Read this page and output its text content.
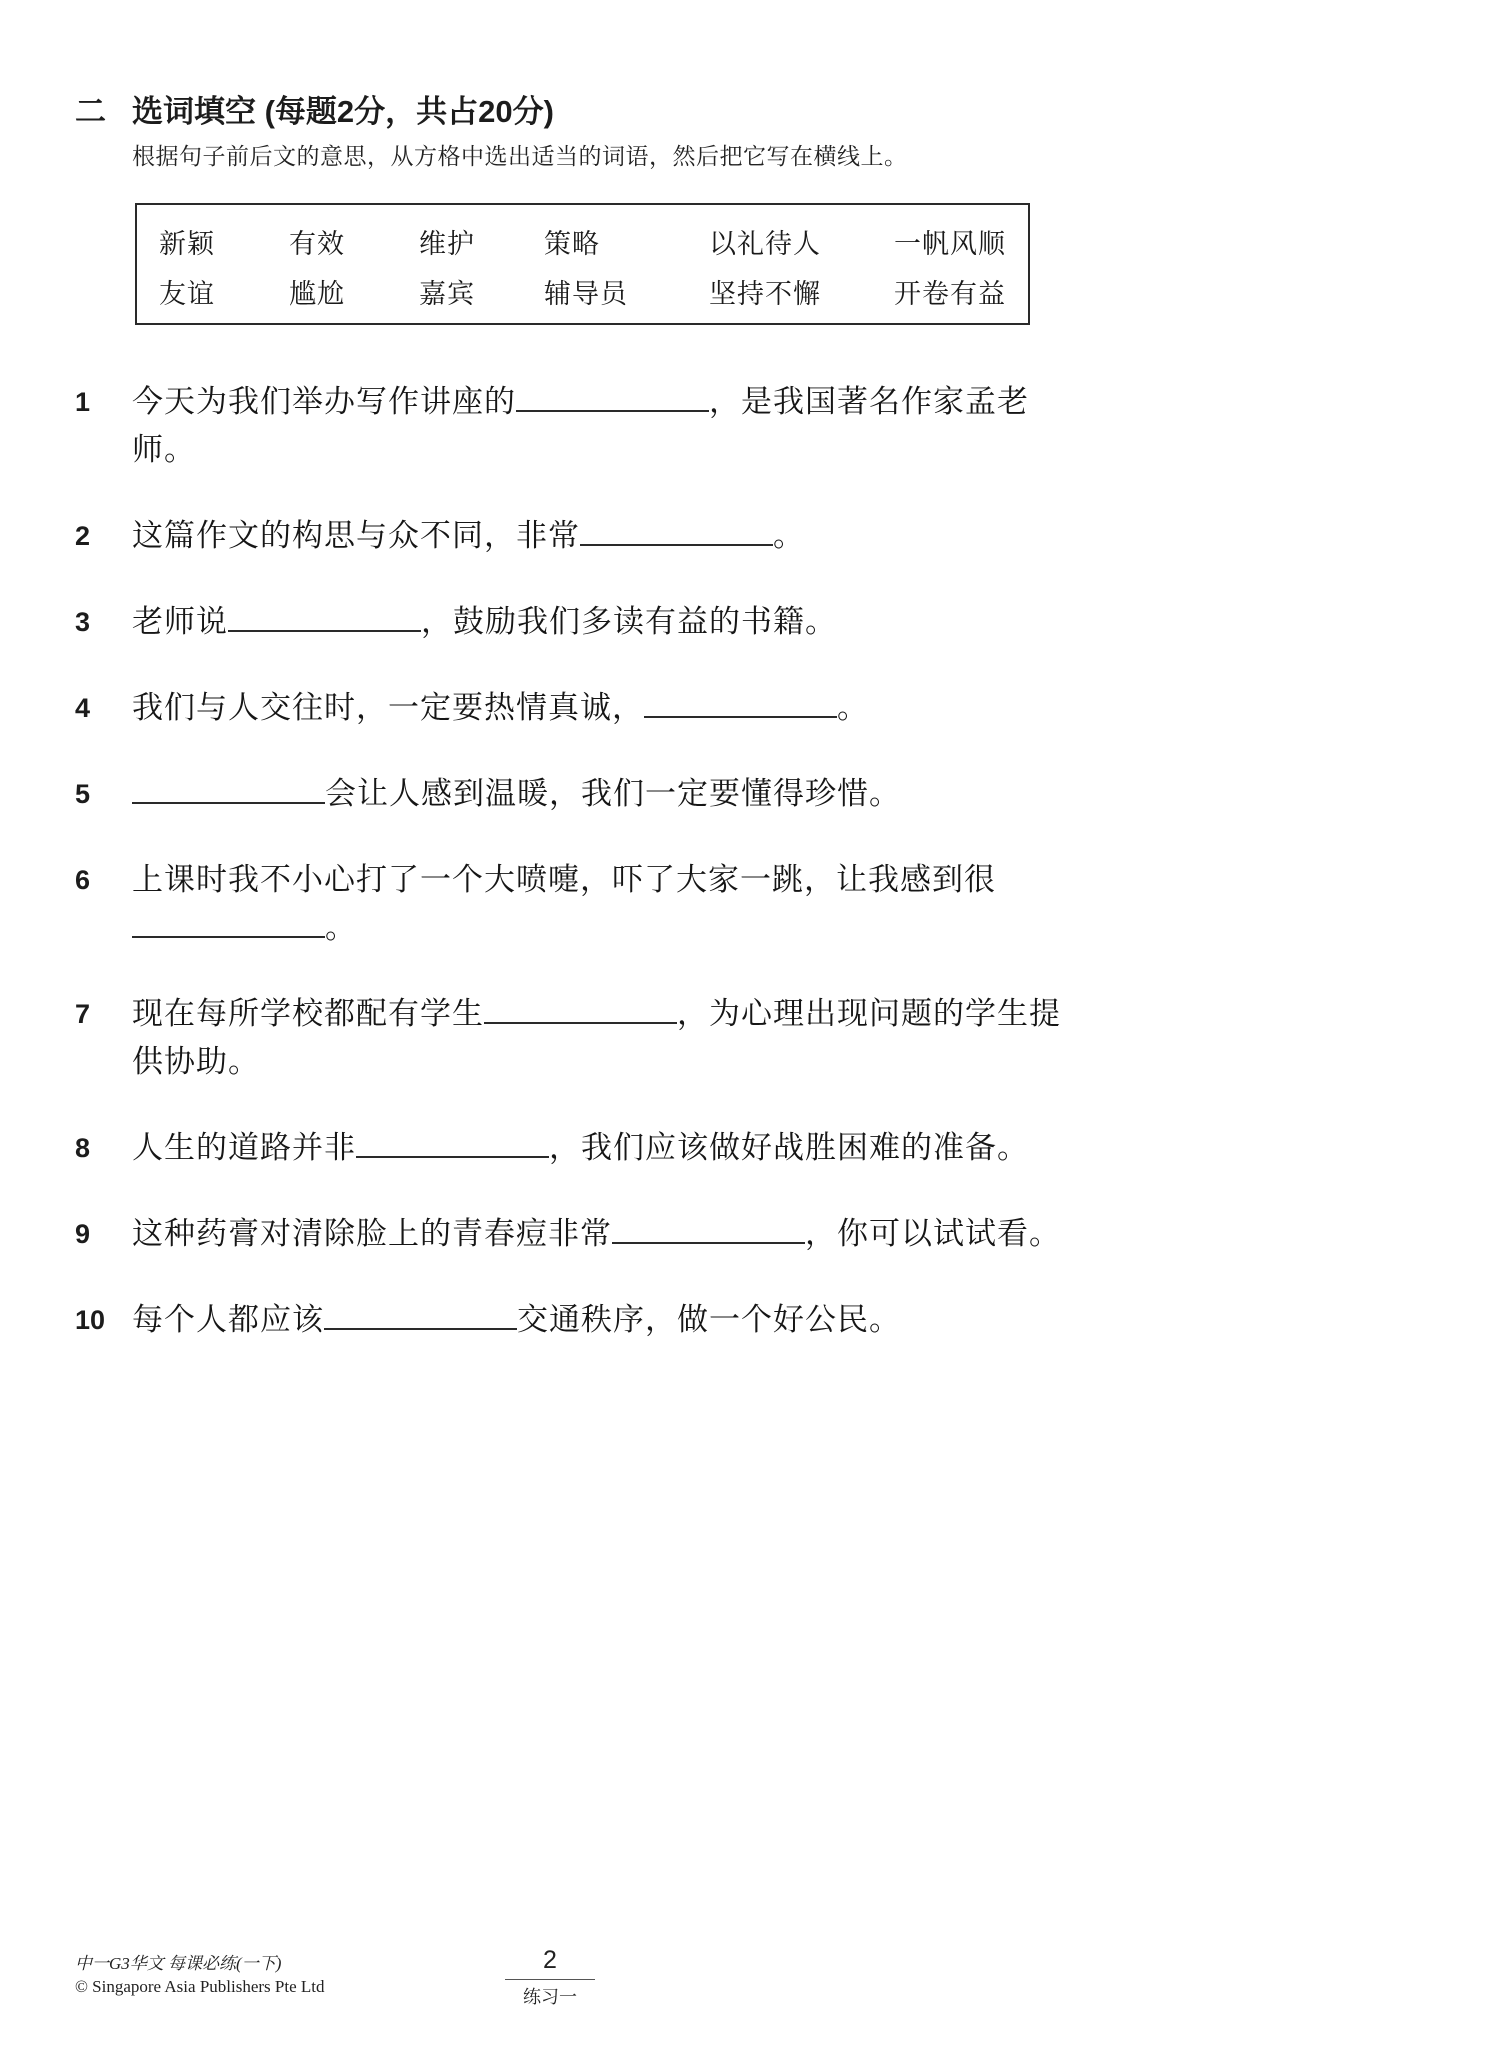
二 选词填空 (每题2分，共占20分)
根据句子前后文的意思，从方格中选出适当的词语，然后把它写在横线上。
新颖	有效	维护	策略	以礼待人	一帆风顺
友谊	尴尬	嘉宾	辅导员	坚持不懈	开卷有益
1	今天为我们举办写作讲座的	，是我国著名作家孟老师。
2	这篇作文的构思与众不同，非常	。
3	老师说	，鼓励我们多读有益的书籍。
4	我们与人交往时，一定要热情真诚，	。
5	会让人感到温暖，我们一定要懂得珍惜。
6	上课时我不小心打了一个大喷嚏，吓了大家一跳，让我感到很。
7	现在每所学校都配有学生	，为心理出现问题的学生提供协助。
8	人生的道路并非	，我们应该做好战胜困难的准备。
9	这种药膏对清除脸上的青春痘非常	，你可以试试看。
10 每个人都应该	交通秩序，做一个好公民。
中一G3华文 每课必练(一下)
© Singapore Asia Publishers Pte Ltd
2
练习一
